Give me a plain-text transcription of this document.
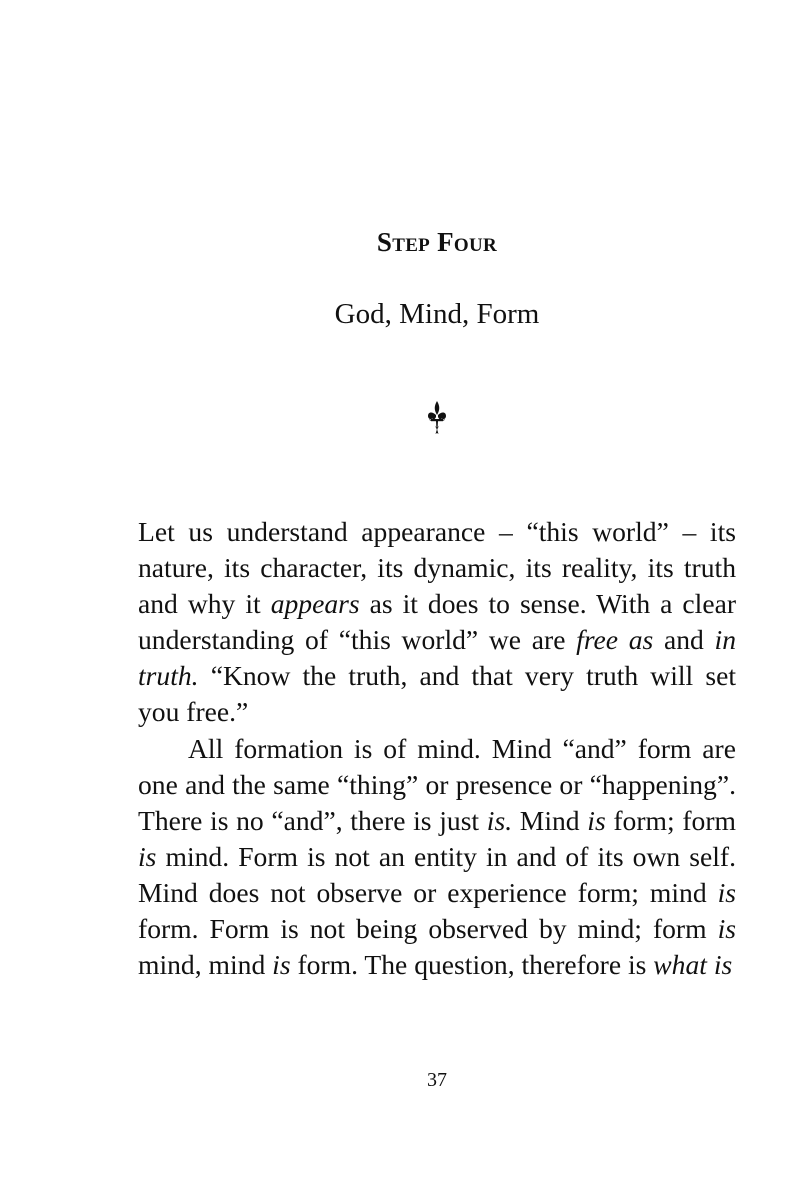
Step Four
God, Mind, Form

Let us understand appearance – “this world” – its nature, its character, its dynamic, its reality, its truth and why it appears as it does to sense. With a clear understanding of “this world” we are free as and in truth. “Know the truth, and that very truth will set you free.”

All formation is of mind. Mind “and” form are one and the same “thing” or presence or “happening”. There is no “and”, there is just is. Mind is form; form is mind. Form is not an entity in and of its own self. Mind does not observe or experience form; mind is form. Form is not being observed by mind; form is mind, mind is form. The question, therefore is what is

37
